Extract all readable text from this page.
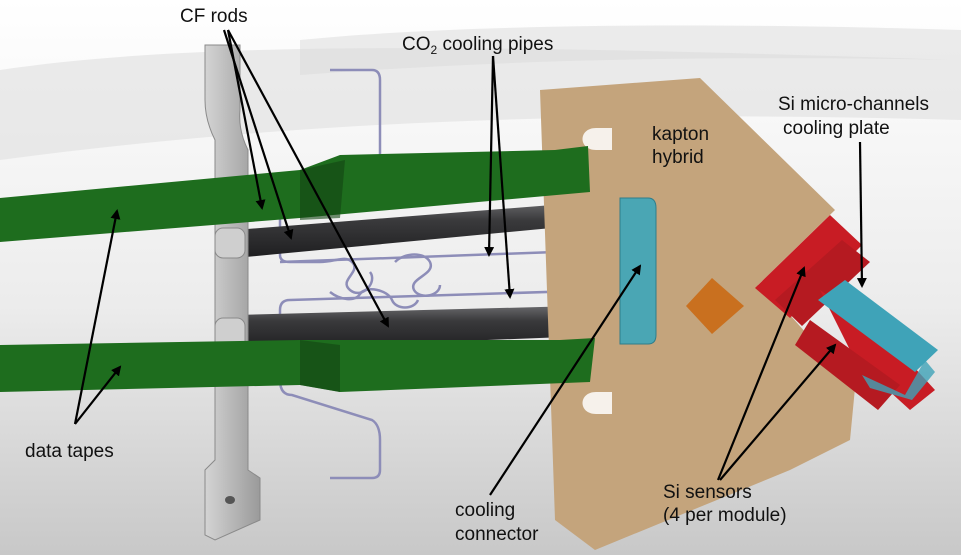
CF rods
$CO_2$ cooling pipes
kapton
hybrid
Si micro-channels
cooling plate
data tapes
cooling
connector
Si sensors
(4 per module)
